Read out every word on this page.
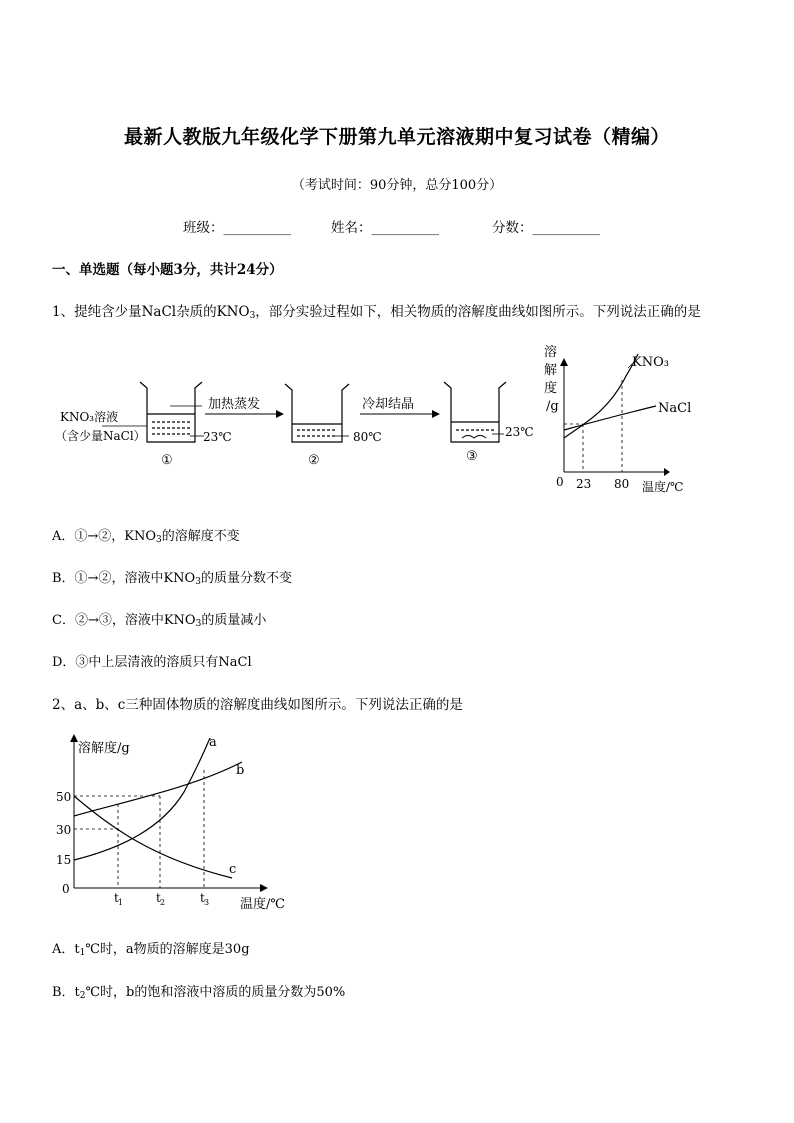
最新人教版九年级化学下册第九单元溶液期中复习试卷（精编）
（考试时间：90分钟，总分100分）
班级：__________	姓名：__________	分数：__________
一、单选题（每小题3分，共计24分）
1、提纯含少量NaCl杂质的$KNO_3$，部分实验过程如下，相关物质的溶解度曲线如图所示。下列说法正确的是
KNO₃溶液
（含少量NaCl）	23℃
①
加热蒸发
80℃
②
冷却结晶
23℃
③
溶
解
度
/g
温度/℃
0 23 80
KNO₃
NaCl
A．①→②，$KNO_3$的溶解度不变
B．①→②，溶液中$KNO_3$的质量分数不变
C．②→③，溶液中$KNO_3$的质量减小
D．③中上层清液的溶质只有NaCl
2、a、b、c三种固体物质的溶解度曲线如图所示。下列说法正确的是
溶解度/g
温度/℃
0
50
30
15
t 1	t 2	t 3
a
b
c
A．$t_1℃$时，a物质的溶解度是30g
B．$t_2℃$时，b的饱和溶液中溶质的质量分数为50%
